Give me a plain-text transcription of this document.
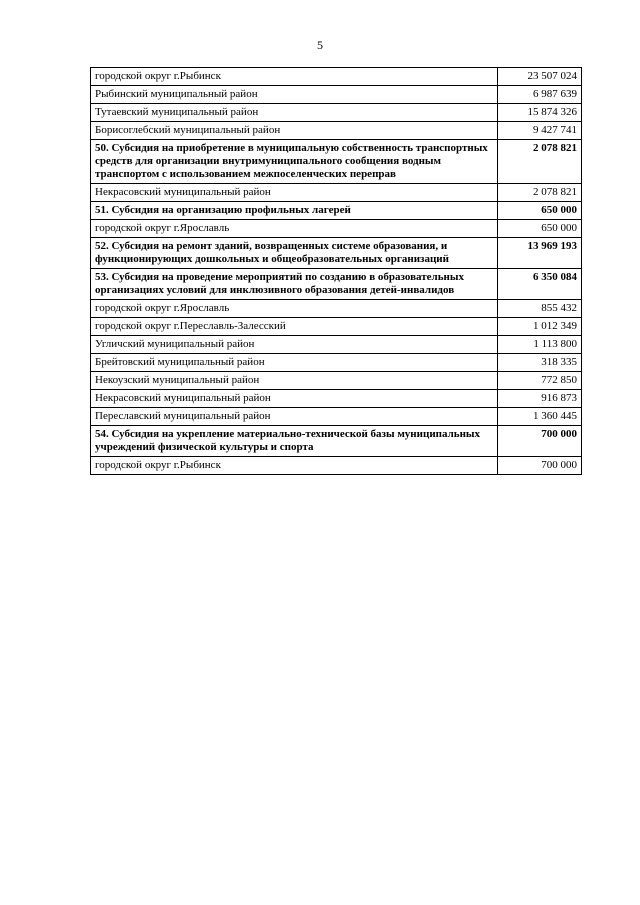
5
городской округ г.Рыбинск	23 507 024
Рыбинский муниципальный район	6 987 639
Тутаевский муниципальный район	15 874 326
Борисоглебский муниципальный район	9 427 741
50. Субсидия на приобретение в муниципальную собственность транспортных средств для организации внутримуниципального сообщения водным транспортом с использованием межпоселенческих переправ	2 078 821
Некрасовский муниципальный район	2 078 821
51. Субсидия на организацию профильных лагерей	650 000
городской округ г.Ярославль	650 000
52. Субсидия на ремонт зданий, возвращенных системе образования, и функционирующих дошкольных и общеобразовательных организаций	13 969 193
53. Субсидия на проведение мероприятий по созданию в образовательных организациях условий для инклюзивного образования детей-инвалидов	6 350 084
городской округ г.Ярославль	855 432
городской округ г.Переславль-Залесский	1 012 349
Угличский муниципальный район	1 113 800
Брейтовский муниципальный район	318 335
Некоузский муниципальный район	772 850
Некрасовский муниципальный район	916 873
Переславский муниципальный район	1 360 445
54. Субсидия на укрепление материально-технической базы муниципальных учреждений физической культуры и спорта	700 000
городской округ г.Рыбинск	700 000
